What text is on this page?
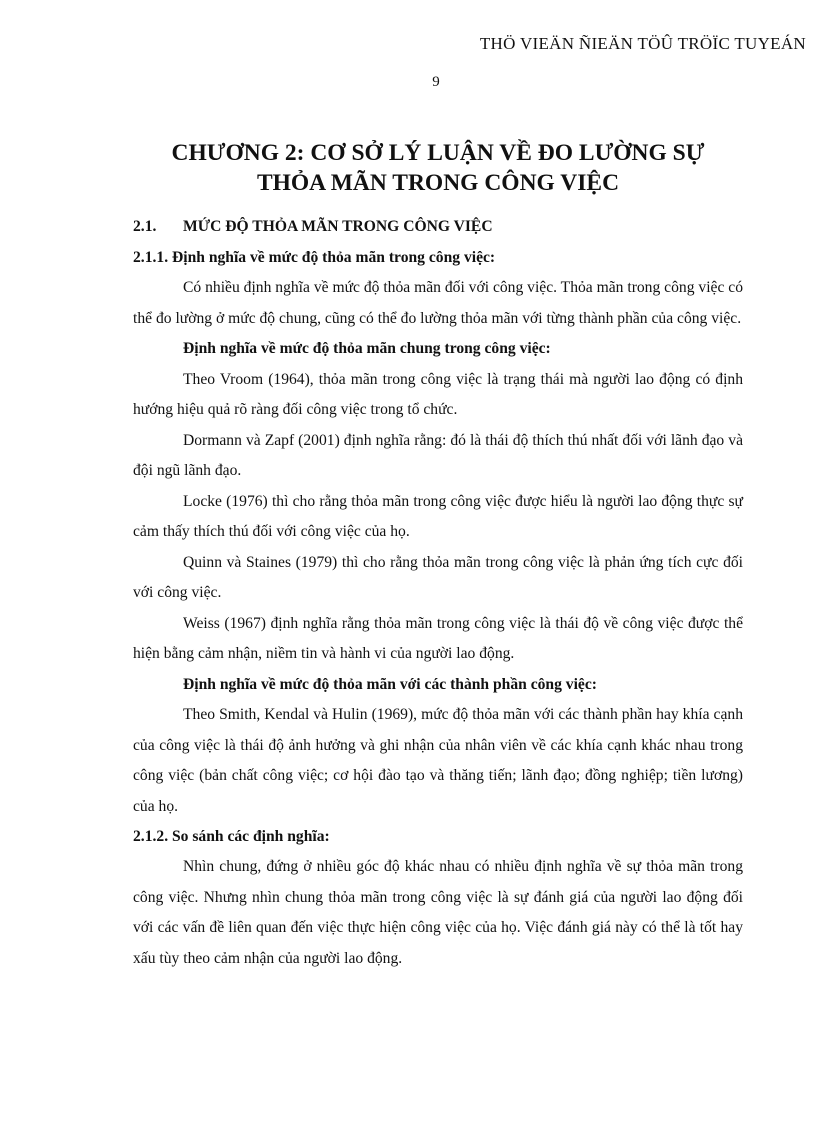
THÖ VIEÄN ÑIEÄN TÖÛ TRÖÏC TUYEÁN
9
CHƯƠNG 2: CƠ SỞ LÝ LUẬN VỀ ĐO LƯỜNG SỰ
THỎA MÃN TRONG CÔNG VIỆC
2.1. MỨC ĐỘ THỎA MÃN TRONG CÔNG VIỆC
2.1.1. Định nghĩa về mức độ thỏa mãn trong công việc:

Có nhiều định nghĩa về mức độ thỏa mãn đối với công việc. Thỏa mãn trong công việc có thể đo lường ở mức độ chung, cũng có thể đo lường thỏa mãn với từng thành phần của công việc.

Định nghĩa về mức độ thỏa mãn chung trong công việc:

Theo Vroom (1964), thỏa mãn trong công việc là trạng thái mà người lao động có định hướng hiệu quả rõ ràng đối công việc trong tổ chức.

Dormann và Zapf (2001) định nghĩa rằng: đó là thái độ thích thú nhất đối với lãnh đạo và đội ngũ lãnh đạo.

Locke (1976) thì cho rằng thỏa mãn trong công việc được hiểu là người lao động thực sự cảm thấy thích thú đối với công việc của họ.

Quinn và Staines (1979) thì cho rằng thỏa mãn trong công việc là phản ứng tích cực đối với công việc.

Weiss (1967) định nghĩa rằng thỏa mãn trong công việc là thái độ về công việc được thể hiện bằng cảm nhận, niềm tin và hành vi của người lao động.

Định nghĩa về mức độ thỏa mãn với các thành phần công việc:

Theo Smith, Kendal và Hulin (1969), mức độ thỏa mãn với các thành phần hay khía cạnh của công việc là thái độ ảnh hưởng và ghi nhận của nhân viên về các khía cạnh khác nhau trong công việc (bản chất công việc; cơ hội đào tạo và thăng tiến; lãnh đạo; đồng nghiệp; tiền lương) của họ.

2.1.2. So sánh các định nghĩa:

Nhìn chung, đứng ở nhiều góc độ khác nhau có nhiều định nghĩa về sự thỏa mãn trong công việc. Nhưng nhìn chung thỏa mãn trong công việc là sự đánh giá của người lao động đối với các vấn đề liên quan đến việc thực hiện công việc của họ. Việc đánh giá này có thể là tốt hay xấu tùy theo cảm nhận của người lao động.
